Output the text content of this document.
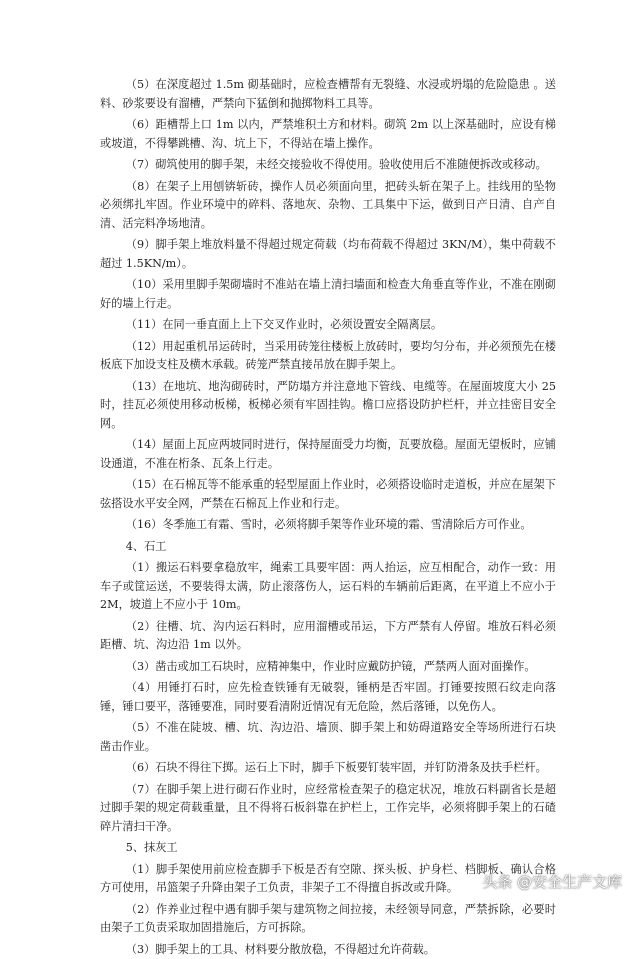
（5）在深度超过 1.5m 砌基础时，应检查槽帮有无裂缝、水浸或坍塌的危险隐患 。送料、砂浆要设有溜槽，严禁向下猛倒和抛掷物料工具等。

（6）距槽帮上口 1m 以内，严禁堆积土方和材料。砌筑 2m 以上深基础时，应设有梯或坡道，不得攀跳槽、沟、坑上下，不得站在墙上操作。

（7）砌筑使用的脚手架，未经交接验收不得使用。验收使用后不准随便拆改或移动。

（8）在架子上用刨锛斩砖，操作人员必须面向里，把砖头斩在架子上。挂线用的坠物必须绑扎牢固。作业环境中的碎料、落地灰、杂物、工具集中下运，做到日产日清、自产自清、活完料净场地清。

（9）脚手架上堆放料量不得超过规定荷载（均布荷载不得超过 3KN/M），集中荷载不超过 1.5KN/m）。

（10）采用里脚手架砌墙时不准站在墙上清扫墙面和检查大角垂直等作业，不准在刚砌好的墙上行走。

（11）在同一垂直面上上下交叉作业时，必须设置安全隔离层。

（12）用起重机吊运砖时，当采用砖笼往楼板上放砖时，要均匀分布，并必须预先在楼板底下加设支柱及横木承载。砖笼严禁直接吊放在脚手架上。

（13）在地坑、地沟砌砖时，严防塌方并注意地下管线、电缆等。在屋面坡度大小 25 时，挂瓦必须使用移动板梯，板梯必须有牢固挂钩。檐口应搭设防护栏杆，并立挂密目安全网。

（14）屋面上瓦应两坡同时进行，保持屋面受力均衡，瓦要放稳。屋面无望板时，应铺设通道，不准在桁条、瓦条上行走。

（15）在石棉瓦等不能承重的轻型屋面上作业时，必须搭设临时走道板，并应在屋架下弦搭设水平安全网，严禁在石棉瓦上作业和行走。

（16）冬季施工有霜、雪时，必须将脚手架等作业环境的霜、雪清除后方可作业。

4、石工

（1）搬运石料要拿稳放牢，绳索工具要牢固：两人抬运，应互相配合，动作一致：用车子或筐运送，不要装得太满，防止滚落伤人，运石料的车辆前后距离，在平道上不应小于 2M，坡道上不应小于 10m。

（2）往槽、坑、沟内运石料时，应用溜槽或吊运，下方严禁有人停留。堆放石料必须距槽、坑、沟边沿 1m 以外。

（3）凿击或加工石块时，应精神集中，作业时应戴防护镜，严禁两人面对面操作。

（4）用锤打石时，应先检查铁锤有无破裂，锤柄是否牢固。打锤要按照石纹走向落锤，锤口要平，落锤要准，同时要看清附近情况有无危险，然后落锤，以免伤人。

（5）不准在陡坡、槽、坑、沟边沿、墙顶、脚手架上和妨碍道路安全等场所进行石块凿击作业。

（6）石块不得往下掷。运石上下时，脚手下板要钉装牢固，并钉防滑条及扶手栏杆。

（7）在脚手架上进行砌石作业时，应经常检查架子的稳定状况，堆放石料副省长是超过脚手架的规定荷载重量，且不得将石板斜靠在护栏上，工作完毕，必须将脚手架上的石碴碎片清扫干净。

5、抹灰工

（1）脚手架使用前应检查脚手下板是否有空隙、探头板、护身栏、档脚板、确认合格方可使用，吊篮架子升降由架子工负责，非架子工不得擅自拆改或升降。

（2）作养业过程中遇有脚手架与建筑物之间拉接，未经领导同意，严禁拆除，必要时由架子工负责采取加固措施后，方可拆除。

（3）脚手架上的工具、材料要分散放稳，不得超过允许荷载。

头条 @安全生产文库
